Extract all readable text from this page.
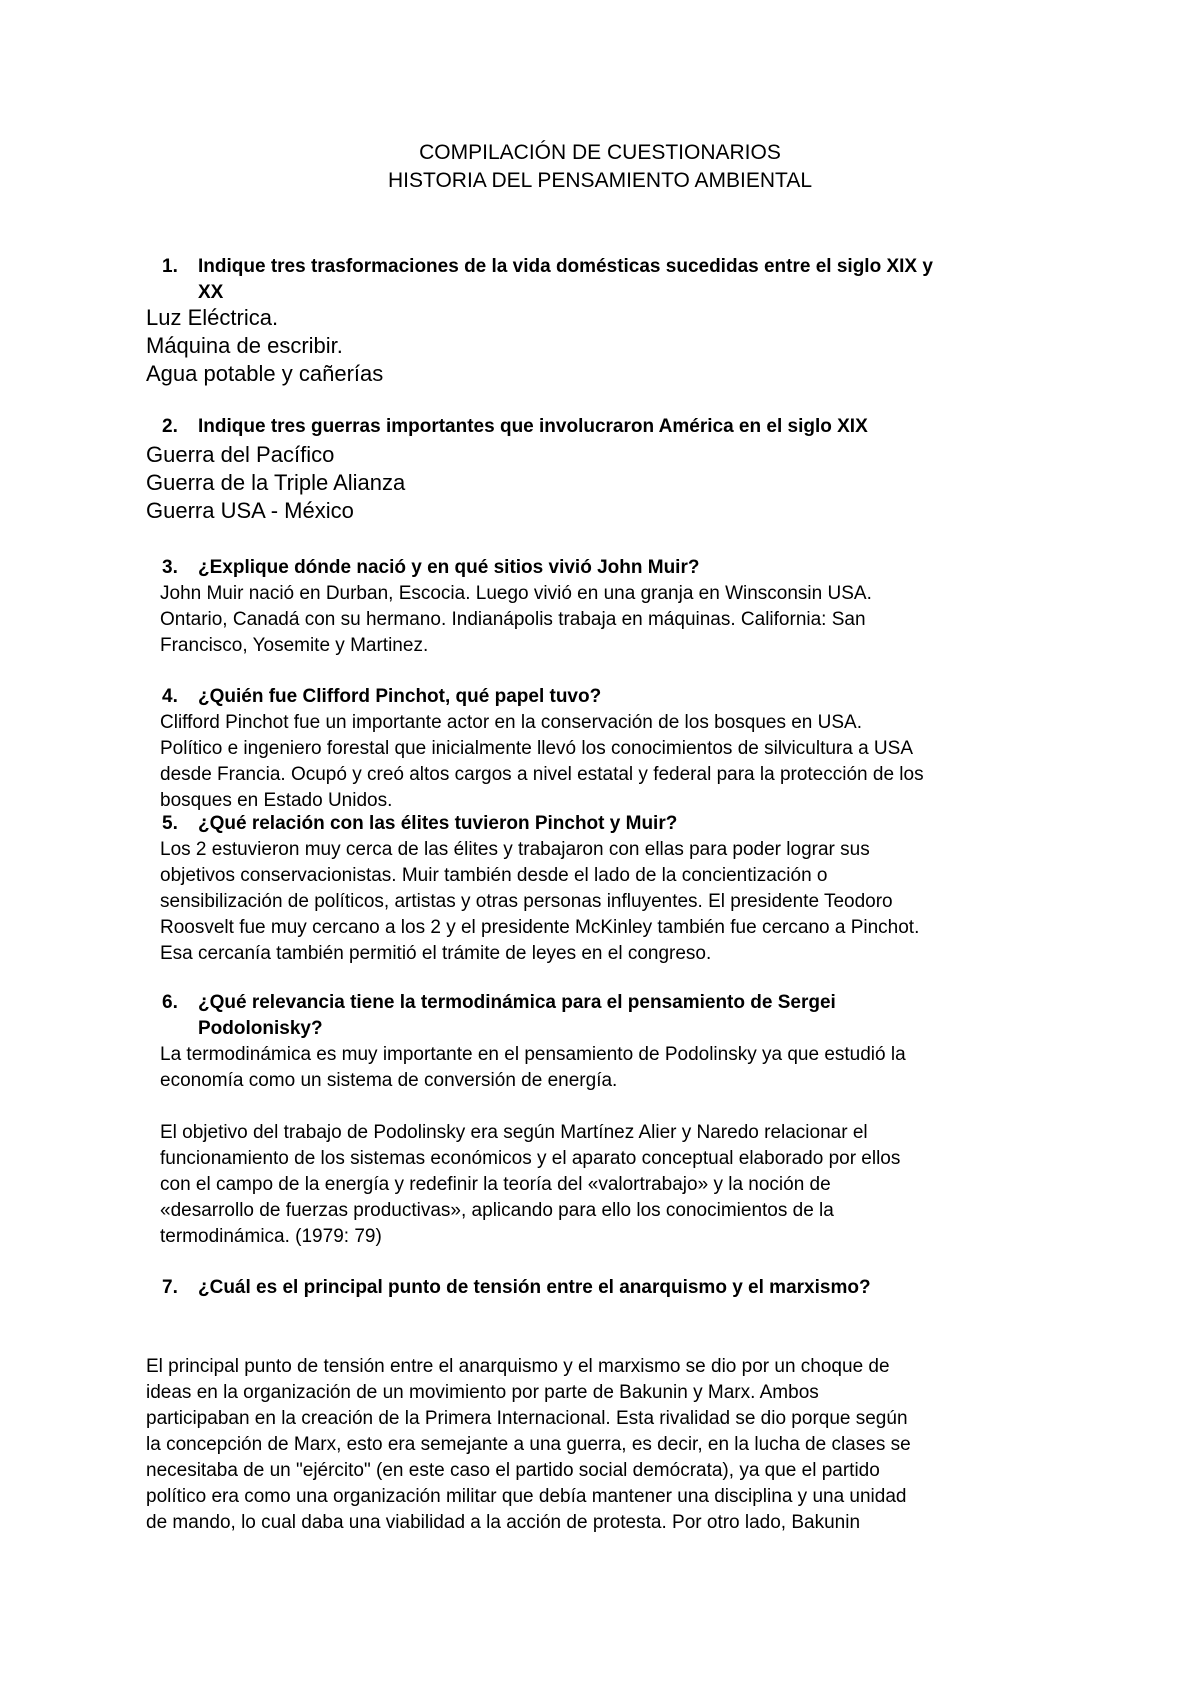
COMPILACIÓN DE CUESTIONARIOS
HISTORIA DEL PENSAMIENTO AMBIENTAL
1. Indique tres trasformaciones de la vida domésticas sucedidas entre el siglo XIX y
XX
Luz Eléctrica.
Máquina de escribir.
Agua potable y cañerías
2. Indique tres guerras importantes que involucraron América en el siglo XIX
Guerra del Pacífico
Guerra de la Triple Alianza
Guerra USA - México
3. ¿Explique dónde nació y en qué sitios vivió John Muir?
John Muir nació en Durban, Escocia. Luego vivió en una granja en Winsconsin USA.
Ontario, Canadá con su hermano. Indianápolis trabaja en máquinas. California: San
Francisco, Yosemite y Martinez.
4. ¿Quién fue Clifford Pinchot, qué papel tuvo?
Clifford Pinchot fue un importante actor en la conservación de los bosques en USA.
Político e ingeniero forestal que inicialmente llevó los conocimientos de silvicultura a USA
desde Francia. Ocupó y creó altos cargos a nivel estatal y federal para la protección de los
bosques en Estado Unidos.
5. ¿Qué relación con las élites tuvieron Pinchot y Muir?
Los 2 estuvieron muy cerca de las élites y trabajaron con ellas para poder lograr sus
objetivos conservacionistas. Muir también desde el lado de la concientización o
sensibilización de políticos, artistas y otras personas influyentes. El presidente Teodoro
Roosvelt fue muy cercano a los 2 y el presidente McKinley también fue cercano a Pinchot.
Esa cercanía también permitió el trámite de leyes en el congreso.
6. ¿Qué relevancia tiene la termodinámica para el pensamiento de Sergei
Podolonisky?
La termodinámica es muy importante en el pensamiento de Podolinsky ya que estudió la
economía como un sistema de conversión de energía.
El objetivo del trabajo de Podolinsky era según Martínez Alier y Naredo relacionar el
funcionamiento de los sistemas económicos y el aparato conceptual elaborado por ellos
con el campo de la energía y redefinir la teoría del «valortrabajo» y la noción de
«desarrollo de fuerzas productivas», aplicando para ello los conocimientos de la
termodinámica. (1979: 79)
7. ¿Cuál es el principal punto de tensión entre el anarquismo y el marxismo?
El principal punto de tensión entre el anarquismo y el marxismo se dio por un choque de
ideas en la organización de un movimiento por parte de Bakunin y Marx. Ambos
participaban en la creación de la Primera Internacional. Esta rivalidad se dio porque según
la concepción de Marx, esto era semejante a una guerra, es decir, en la lucha de clases se
necesitaba de un "ejército" (en este caso el partido social demócrata), ya que el partido
político era como una organización militar que debía mantener una disciplina y una unidad
de mando, lo cual daba una viabilidad a la acción de protesta. Por otro lado, Bakunin
